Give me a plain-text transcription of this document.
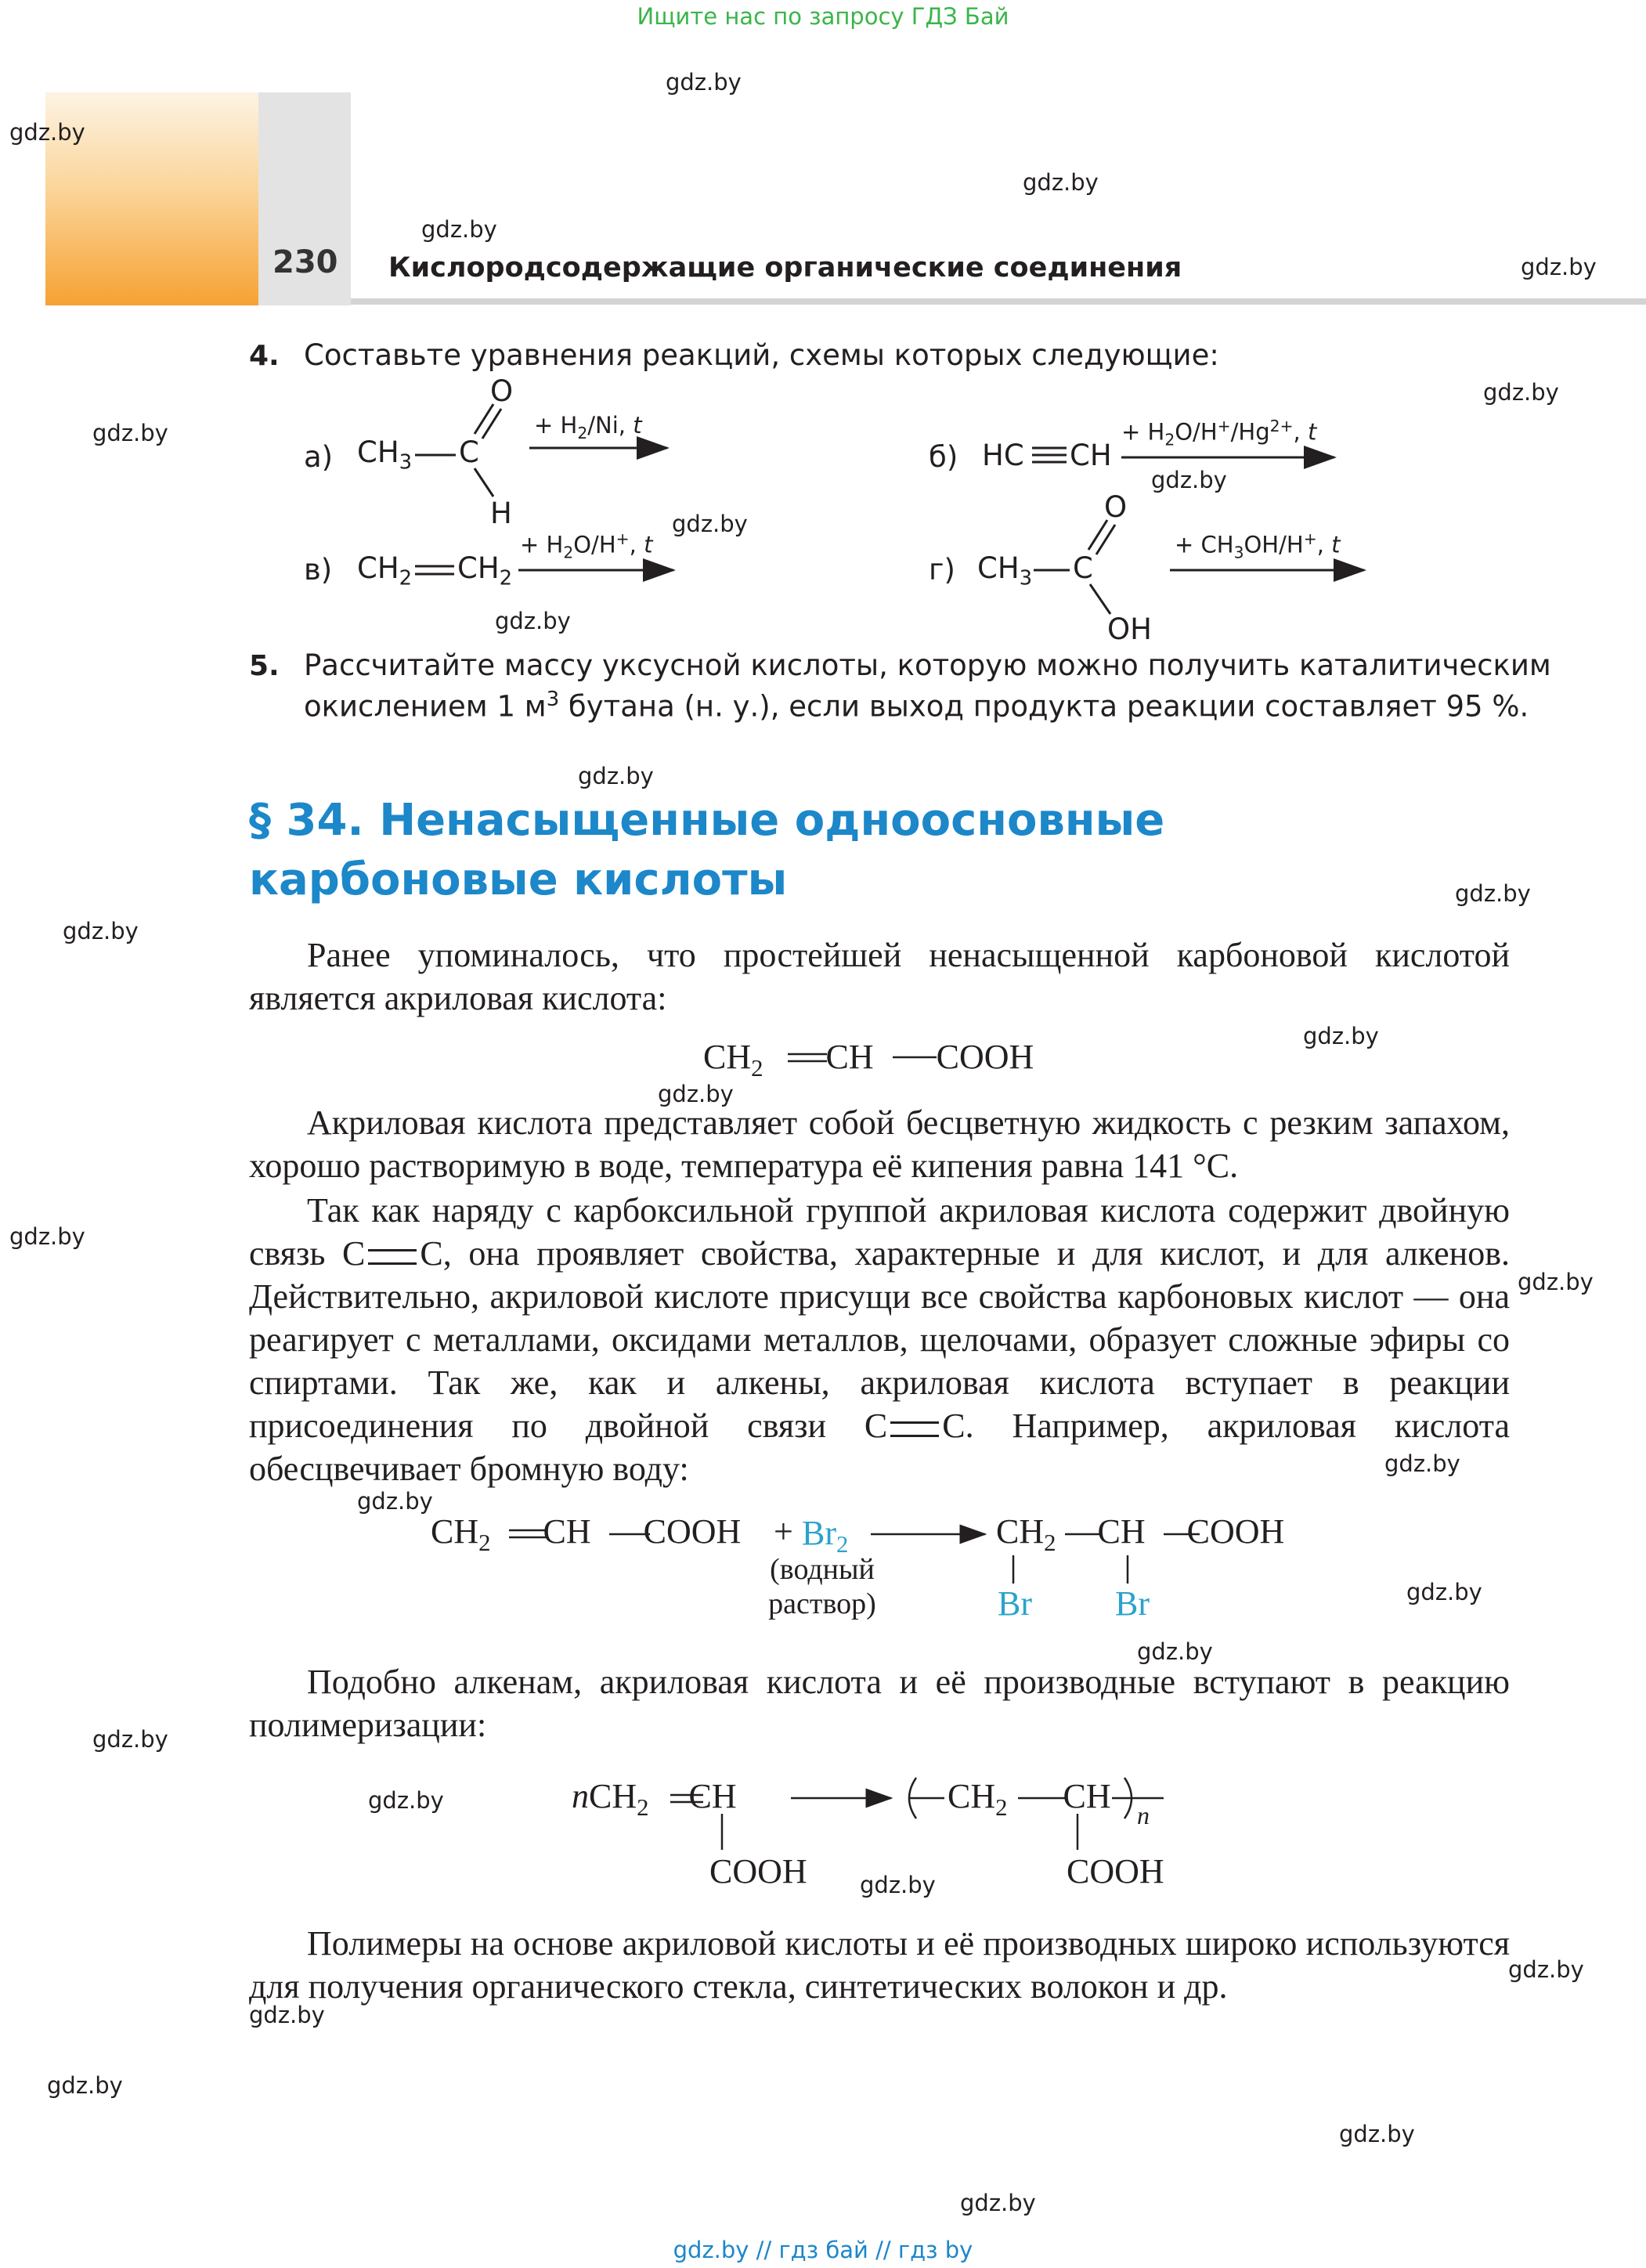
Ищите нас по запросу ГДЗ Бай
230 Кислородсодержащие органические соединения
gdz.by
gdz.by
gdz.by
gdz.by
gdz.by
gdz.by
gdz.by
gdz.by
gdz.by
gdz.by
gdz.by
gdz.by
gdz.by
gdz.by
gdz.by
gdz.by
gdz.by
gdz.by
gdz.by
gdz.by
gdz.by
gdz.by
gdz.by
gdz.by
gdz.by
gdz.by
gdz.by
gdz.by
gdz.by
4. Составьте уравнения реакций, схемы которых следующие:
а) $CH_3$ C
O
H
+ $H_2/Ni$, t
б) HC CH
+ $H_2O/H^+/Hg^{2+}$, t
в) $CH_2$ $CH_2$
+ $H_2O/H^+$, t
г) $CH_3$ C
O
OH
+ $CH_3OH/H^+$, t
5. Рассчитайте массу уксусной кислоты, которую можно получить каталитическим
окислением 1 $м^3$ бутана (н. у.), если выход продукта реакции составляет 95 %.
§ 34. Ненасыщенные одноосновные
карбоновые кислоты

Ранее упоминалось, что простейшей ненасыщенной карбоновой кислотой является акриловая кислота:

$CH_2$ CH COOH

Акриловая кислота представляет собой бесцветную жидкость с резким запахом, хорошо растворимую в воде, температура её кипения равна 141 °C.

Так как наряду с карбоксильной группой акриловая кислота содержит двойную связь C C, она проявляет свойства, характерные и для кислот, и для алкенов. Действительно, акриловой кислоте присущи все свойства карбоновых кислот — она реагирует с металлами, оксидами металлов, щелочами, образует сложные эфиры со спиртами. Так же, как и алкены, акриловая кислота вступает в реакции присоединения по двойной связи C C. Например, акриловая кислота обесцвечивает бромную воду:

$CH_2$ CH COOH + $Br_2$
(водный
раствор)
$CH_2$ CH COOH
Br Br

Подобно алкенам, акриловая кислота и её производные вступают в реакцию полимеризации:

nCH$_2$ CH
COOH
$CH_2$ CH n
COOH

Полимеры на основе акриловой кислоты и её производных широко используются для получения органического стекла, синтетических волокон и др.

gdz.by // гдз бай // гдз by
